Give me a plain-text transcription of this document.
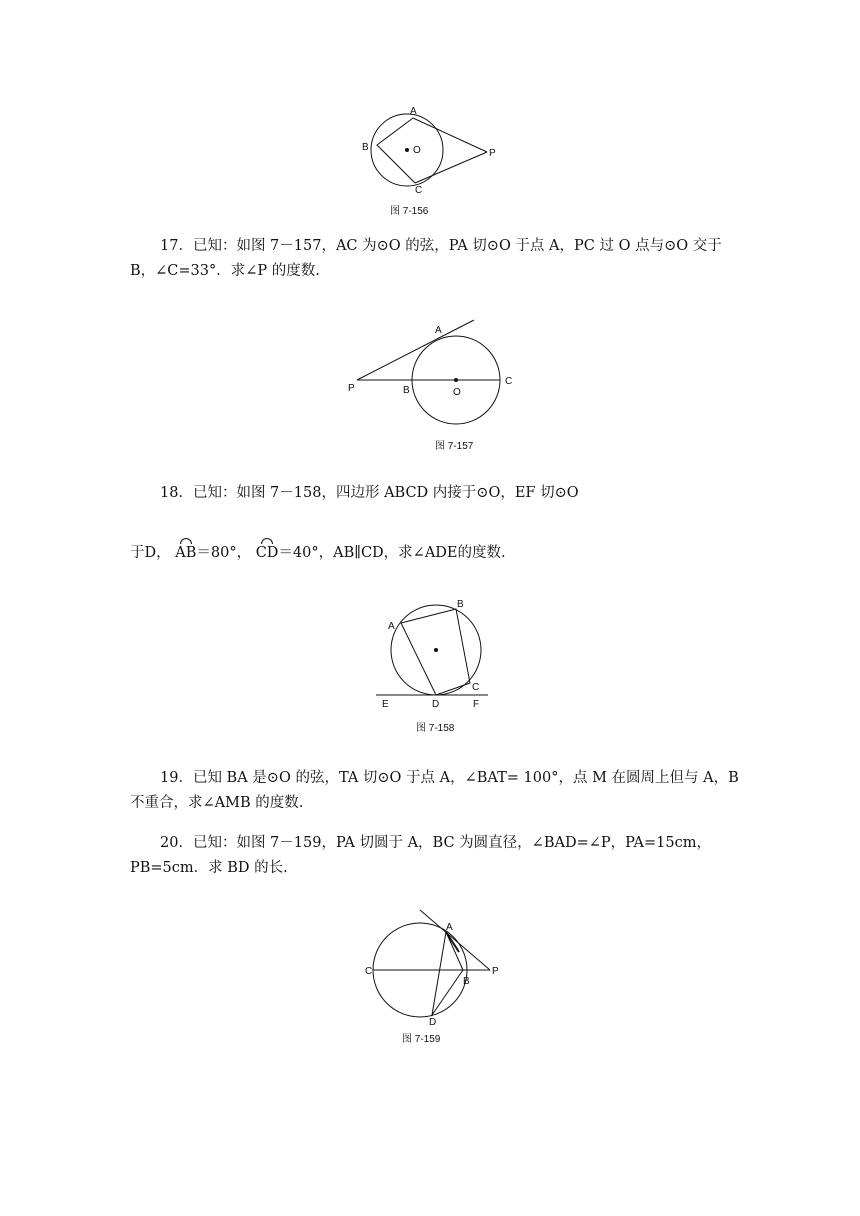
A
B	O
C
P
图 7-156

17．已知：如图 7－157，AC 为⊙O 的弦，PA 切⊙O 于点 A，PC 过 O 点与⊙O 交于 B，∠C=33°．求∠P 的度数.

A
P	B	O
C
图 7-157
18．已知：如图 7－158，四边形 ABCD 内接于⊙O，EF 切⊙O
于D， AB＝80°， CD＝40°，AB∥CD，求∠ADE的度数.
A
B
C
D
E	F
图 7-158

19．已知 BA 是⊙O 的弦，TA 切⊙O 于点 A，∠BAT= 100°，点 M 在圆周上但与 A，B 不重合，求∠AMB 的度数.

20．已知：如图 7－159，PA 切圆于 A，BC 为圆直径，∠BAD=∠P，PA=15cm，PB=5cm．求 BD 的长.

A
C
B
P
D
图 7-159
